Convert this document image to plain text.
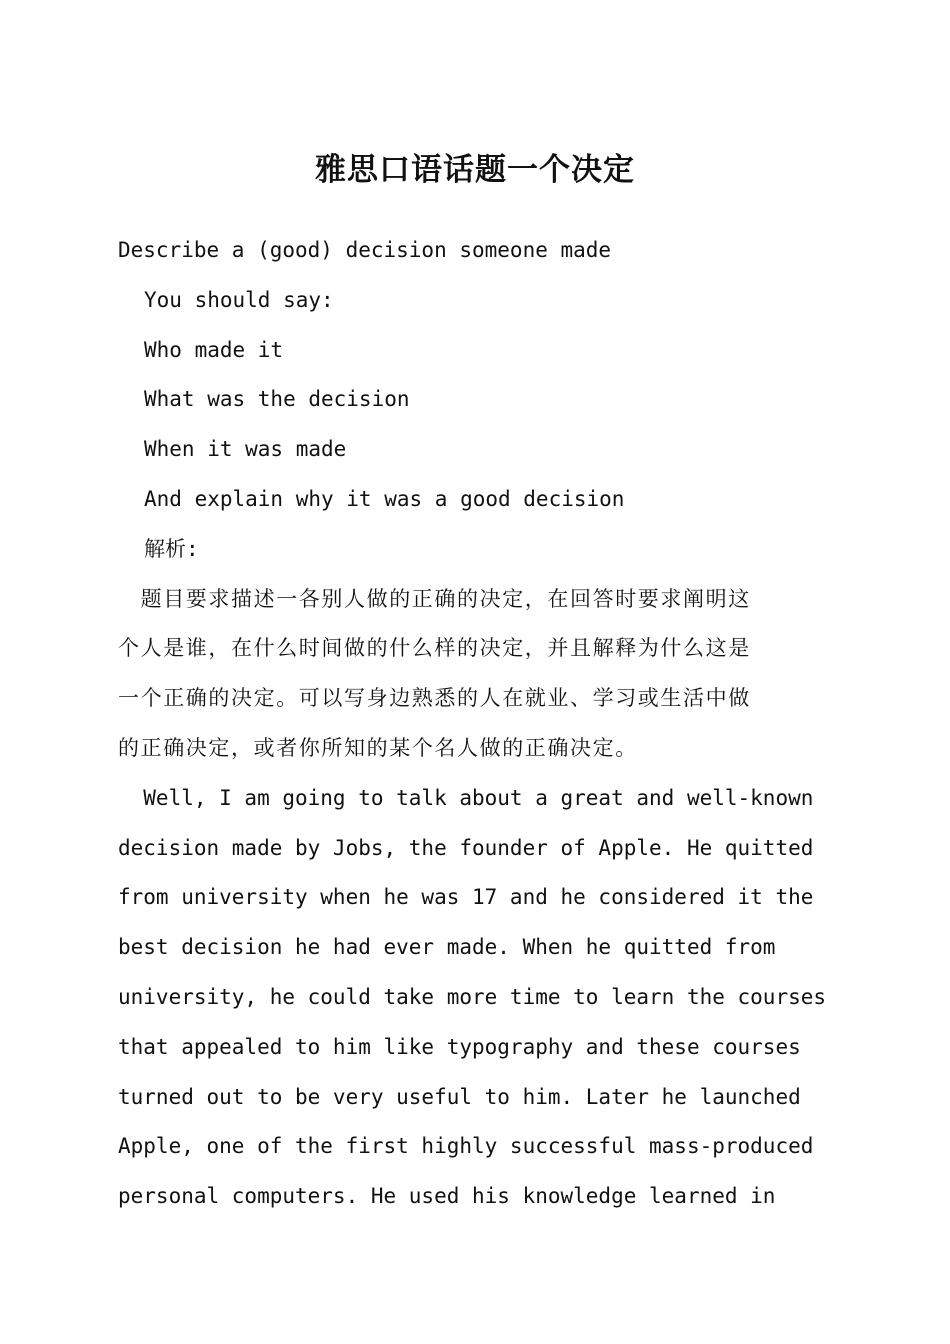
雅思口语话题一个决定
Describe a (good) decision someone made
You should say:
Who made it
What was the decision
When it was made
And explain why it was a good decision
解析:
　题目要求描述一各别人做的正确的决定，在回答时要求阐明这
个人是谁，在什么时间做的什么样的决定，并且解释为什么这是
一个正确的决定。可以写身边熟悉的人在就业、学习或生活中做
的正确决定，或者你所知的某个名人做的正确决定。
Well, I am going to talk about a great and well-known
decision made by Jobs, the founder of Apple. He quitted
from university when he was 17 and he considered it the
best decision he had ever made. When he quitted from
university, he could take more time to learn the courses
that appealed to him like typography and these courses
turned out to be very useful to him. Later he launched
Apple, one of the first highly successful mass-produced
personal computers. He used his knowledge learned in
